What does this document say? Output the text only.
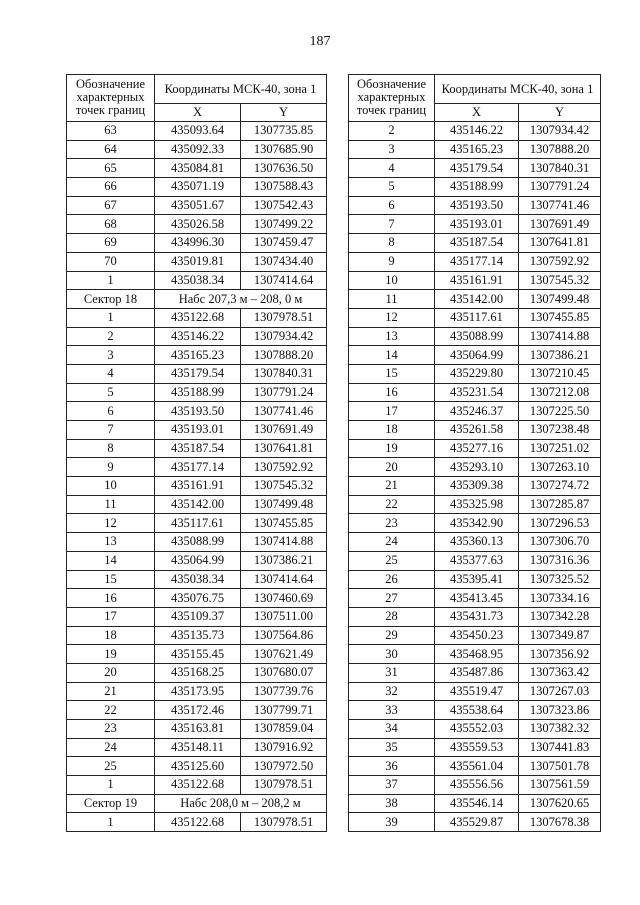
187
Обозначение
характерных
точек границ	Координаты МСК-40, зона 1	
	X	Y
63	435093.64	1307735.85
64	435092.33	1307685.90
65	435084.81	1307636.50
66	435071.19	1307588.43
67	435051.67	1307542.43
68	435026.58	1307499.22
69	434996.30	1307459.47
70	435019.81	1307434.40
1	435038.34	1307414.64
Сектор 18	Набс 207,3 м – 208, 0 м	
1	435122.68	1307978.51
2	435146.22	1307934.42
3	435165.23	1307888.20
4	435179.54	1307840.31
5	435188.99	1307791.24
6	435193.50	1307741.46
7	435193.01	1307691.49
8	435187.54	1307641.81
9	435177.14	1307592.92
10	435161.91	1307545.32
11	435142.00	1307499.48
12	435117.61	1307455.85
13	435088.99	1307414.88
14	435064.99	1307386.21
15	435038.34	1307414.64
16	435076.75	1307460.69
17	435109.37	1307511.00
18	435135.73	1307564.86
19	435155.45	1307621.49
20	435168.25	1307680.07
21	435173.95	1307739.76
22	435172.46	1307799.71
23	435163.81	1307859.04
24	435148.11	1307916.92
25	435125.60	1307972.50
1	435122.68	1307978.51
Сектор 19	Набс 208,0 м – 208,2 м	
1	435122.68	1307978.51
Обозначение
характерных
точек границ	Координаты МСК-40, зона 1	
	X	Y
2	435146.22	1307934.42
3	435165.23	1307888.20
4	435179.54	1307840.31
5	435188.99	1307791.24
6	435193.50	1307741.46
7	435193.01	1307691.49
8	435187.54	1307641.81
9	435177.14	1307592.92
10	435161.91	1307545.32
11	435142.00	1307499.48
12	435117.61	1307455.85
13	435088.99	1307414.88
14	435064.99	1307386.21
15	435229.80	1307210.45
16	435231.54	1307212.08
17	435246.37	1307225.50
18	435261.58	1307238.48
19	435277.16	1307251.02
20	435293.10	1307263.10
21	435309.38	1307274.72
22	435325.98	1307285.87
23	435342.90	1307296.53
24	435360.13	1307306.70
25	435377.63	1307316.36
26	435395.41	1307325.52
27	435413.45	1307334.16
28	435431.73	1307342.28
29	435450.23	1307349.87
30	435468.95	1307356.92
31	435487.86	1307363.42
32	435519.47	1307267.03
33	435538.64	1307323.86
34	435552.03	1307382.32
35	435559.53	1307441.83
36	435561.04	1307501.78
37	435556.56	1307561.59
38	435546.14	1307620.65
39	435529.87	1307678.38
